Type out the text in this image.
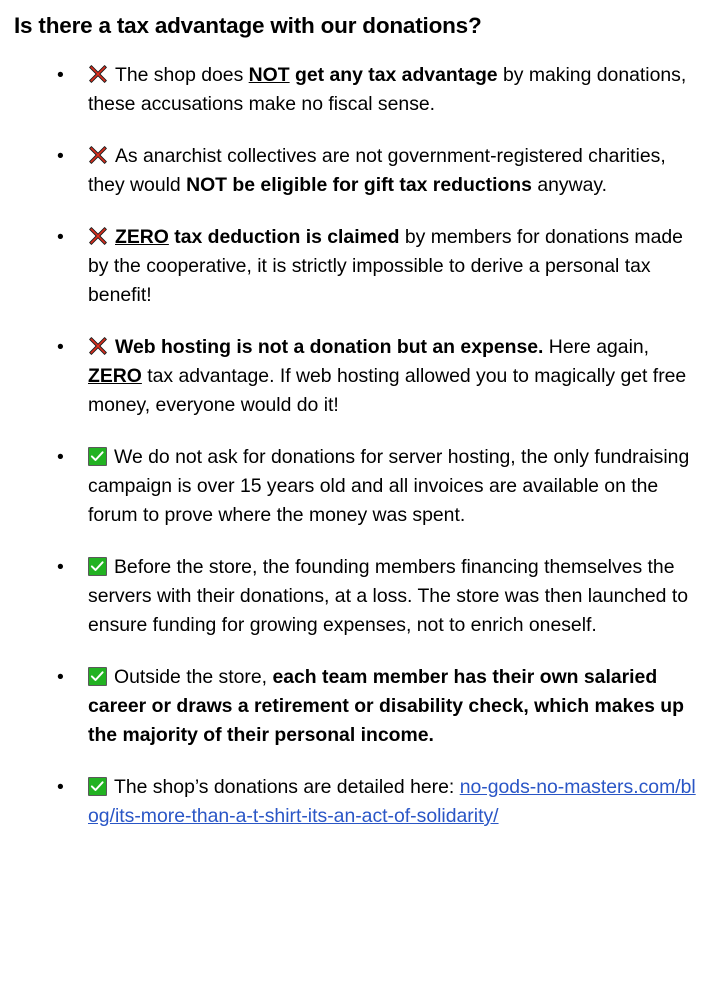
Is there a tax advantage with our donations?
•
The shop does NOT get any tax advantage by making donations, these accusations make no fiscal sense.
•
As anarchist collectives are not government-registered charities, they would NOT be eligible for gift tax reductions anyway.
•
ZERO tax deduction is claimed by members for donations made by the cooperative, it is strictly impossible to derive a personal tax benefit!
•
Web hosting is not a donation but an expense. Here again, ZERO tax advantage. If web hosting allowed you to magically get free money, everyone would do it!
•
We do not ask for donations for server hosting, the only fundraising campaign is over 15 years old and all invoices are available on the forum to prove where the money was spent.
•
Before the store, the founding members financing themselves the servers with their donations, at a loss. The store was then launched to ensure funding for growing expenses, not to enrich oneself.
•
Outside the store, each team member has their own salaried career or draws a retirement or disability check, which makes up the majority of their personal income.
•
The shop’s donations are detailed here: no-gods-no-masters.com/blog/its-more-than-a-t-shirt-its-an-act-of-solidarity/
